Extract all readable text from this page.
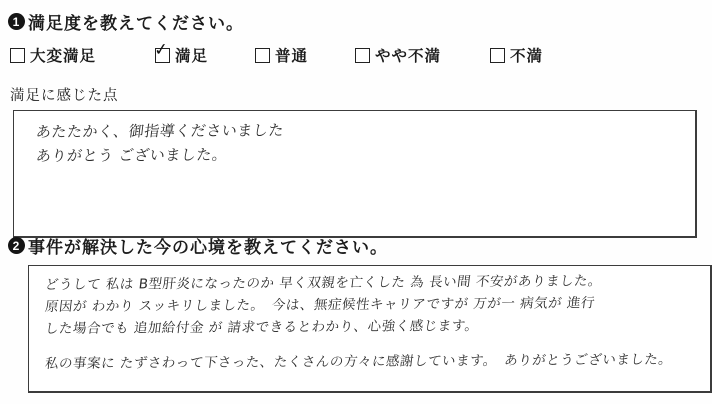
1 満足度を教えてください。
大変満足	✓ 満足	普通	やや不満	不満
満足に感じた点
あたたかく、御指導くださいました
ありがとう ございました。
2 事件が解決した今の心境を教えてください。
どうして 私は B型肝炎になったのか 早く双親を亡くした 為 長い間 不安がありました。
原因が わかり スッキリしました。　今は、無症候性キャリアですが 万が一 病気が 進行
した場合でも 追加給付金 が 請求できるとわかり、心強く感じます。
私の事案に たずさわって下さった、たくさんの方々に感謝しています。　ありがとうございました。
